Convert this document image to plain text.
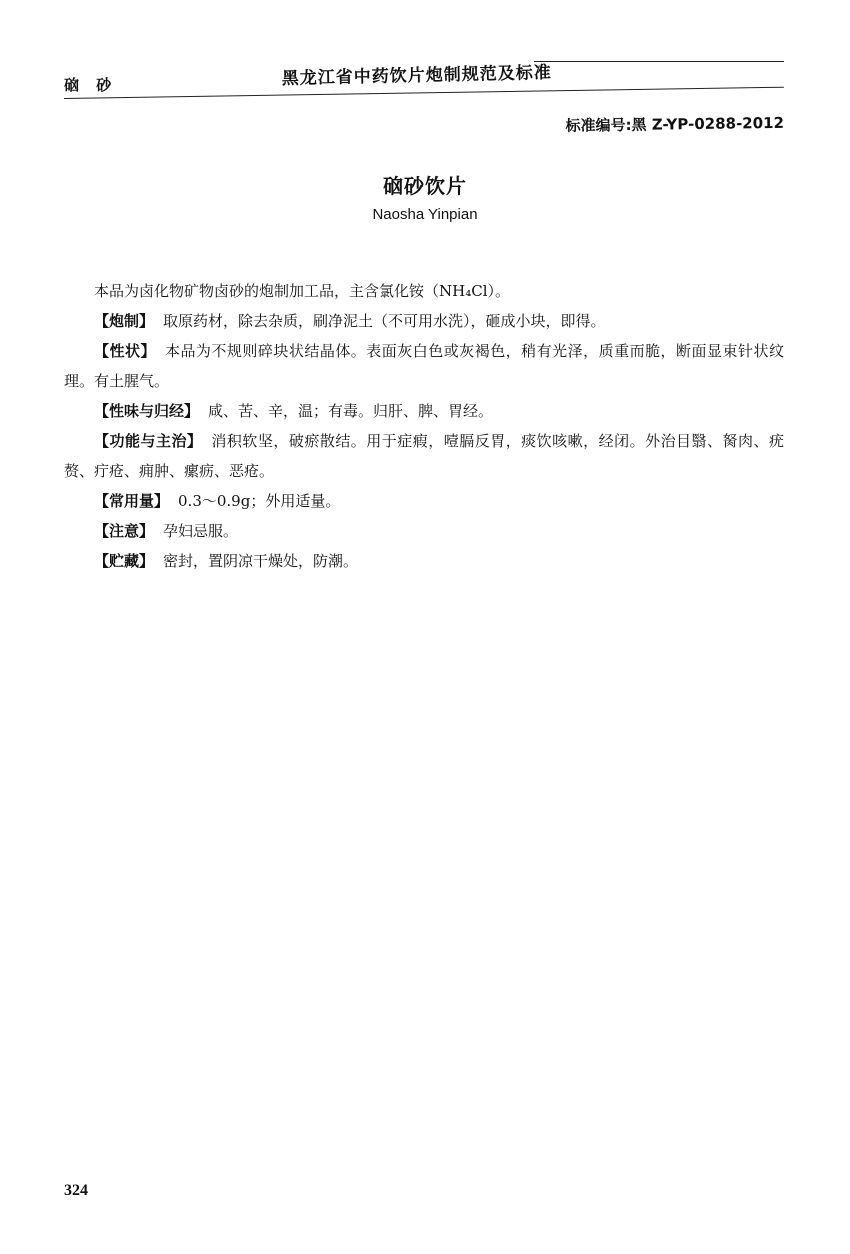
硇 砂	黑龙江省中药饮片炮制规范及标准
标准编号:黑 Z-YP-0288-2012
硇砂饮片
Naosha Yinpian

本品为卤化物矿物卤砂的炮制加工品，主含氯化铵（NH₄Cl）。

【炮制】 取原药材，除去杂质，刷净泥土（不可用水洗），砸成小块，即得。

【性状】 本品为不规则碎块状结晶体。表面灰白色或灰褐色，稍有光泽，质重而脆，断面显束针状纹理。有土腥气。

【性味与归经】 咸、苦、辛，温；有毒。归肝、脾、胃经。

【功能与主治】 消积软坚，破瘀散结。用于症瘕，噎膈反胃，痰饮咳嗽，经闭。外治目翳、胬肉、疣赘、疔疮、痈肿、瘰疬、恶疮。

【常用量】 0.3～0.9g；外用适量。

【注意】 孕妇忌服。

【贮藏】 密封，置阴凉干燥处，防潮。

324
